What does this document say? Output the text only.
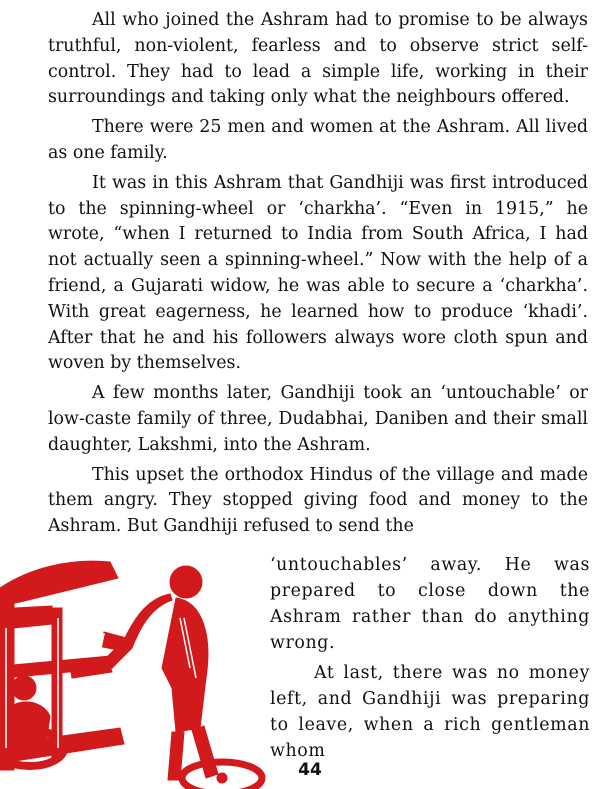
All who joined the Ashram had to promise to be always truthful, non-violent, fearless and to observe strict self-control. They had to lead a simple life, working in their surroundings and taking only what the neighbours offered.

There were 25 men and women at the Ashram. All lived as one family.

It was in this Ashram that Gandhiji was first introduced to the spinning-wheel or ‘charkha’. “Even in 1915,” he wrote, “when I returned to India from South Africa, I had not actually seen a spinning-wheel.” Now with the help of a friend, a Gujarati widow, he was able to secure a ‘charkha’. With great eagerness, he learned how to produce ‘khadi’. After that he and his followers always wore cloth spun and woven by themselves.

A few months later, Gandhiji took an ‘untouchable’ or low-caste family of three, Dudabhai, Daniben and their small daughter, Lakshmi, into the Ashram.

This upset the orthodox Hindus of the village and made them angry. They stopped giving food and money to the Ashram. But Gandhiji refused to send the

‘untouchables’ away. He was prepared to close down the Ashram rather than do anything wrong.

At last, there was no money left, and Gandhiji was preparing to leave, when a rich gentleman whom

44
